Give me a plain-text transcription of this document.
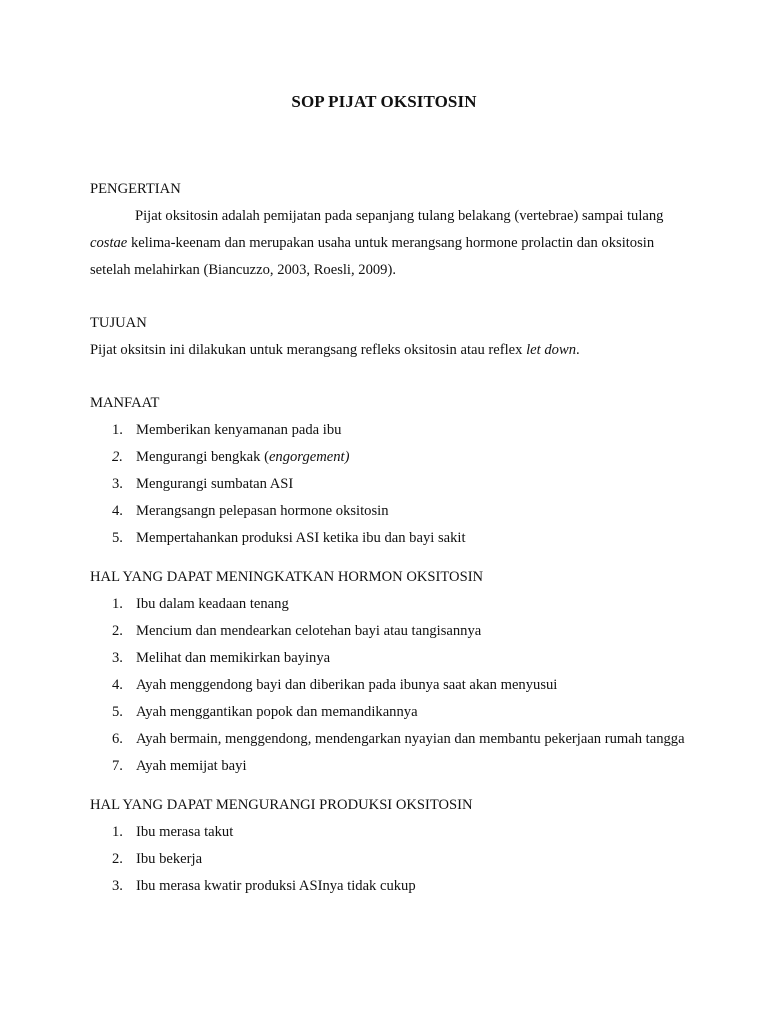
SOP PIJAT OKSITOSIN
PENGERTIAN

Pijat oksitosin adalah pemijatan pada sepanjang tulang belakang (vertebrae) sampai tulang costae kelima-keenam dan merupakan usaha untuk merangsang hormone prolactin dan oksitosin setelah melahirkan (Biancuzzo, 2003, Roesli, 2009).

TUJUAN

Pijat oksitsin ini dilakukan untuk merangsang refleks oksitosin atau reflex let down.

MANFAAT
1. Memberikan kenyamanan pada ibu
2. Mengurangi bengkak (engorgement)
3. Mengurangi sumbatan ASI
4. Merangsangn pelepasan hormone oksitosin
5. Mempertahankan produksi ASI ketika ibu dan bayi sakit
HAL YANG DAPAT MENINGKATKAN HORMON OKSITOSIN
1. Ibu dalam keadaan tenang
2. Mencium dan mendearkan celotehan bayi atau tangisannya
3. Melihat dan memikirkan bayinya
4. Ayah menggendong bayi dan diberikan pada ibunya saat akan menyusui
5. Ayah menggantikan popok dan memandikannya
6. Ayah bermain, menggendong, mendengarkan nyayian dan membantu pekerjaan rumah tangga
7. Ayah memijat bayi
HAL YANG DAPAT MENGURANGI PRODUKSI OKSITOSIN
1. Ibu merasa takut
2. Ibu bekerja
3. Ibu merasa kwatir produksi ASInya tidak cukup
